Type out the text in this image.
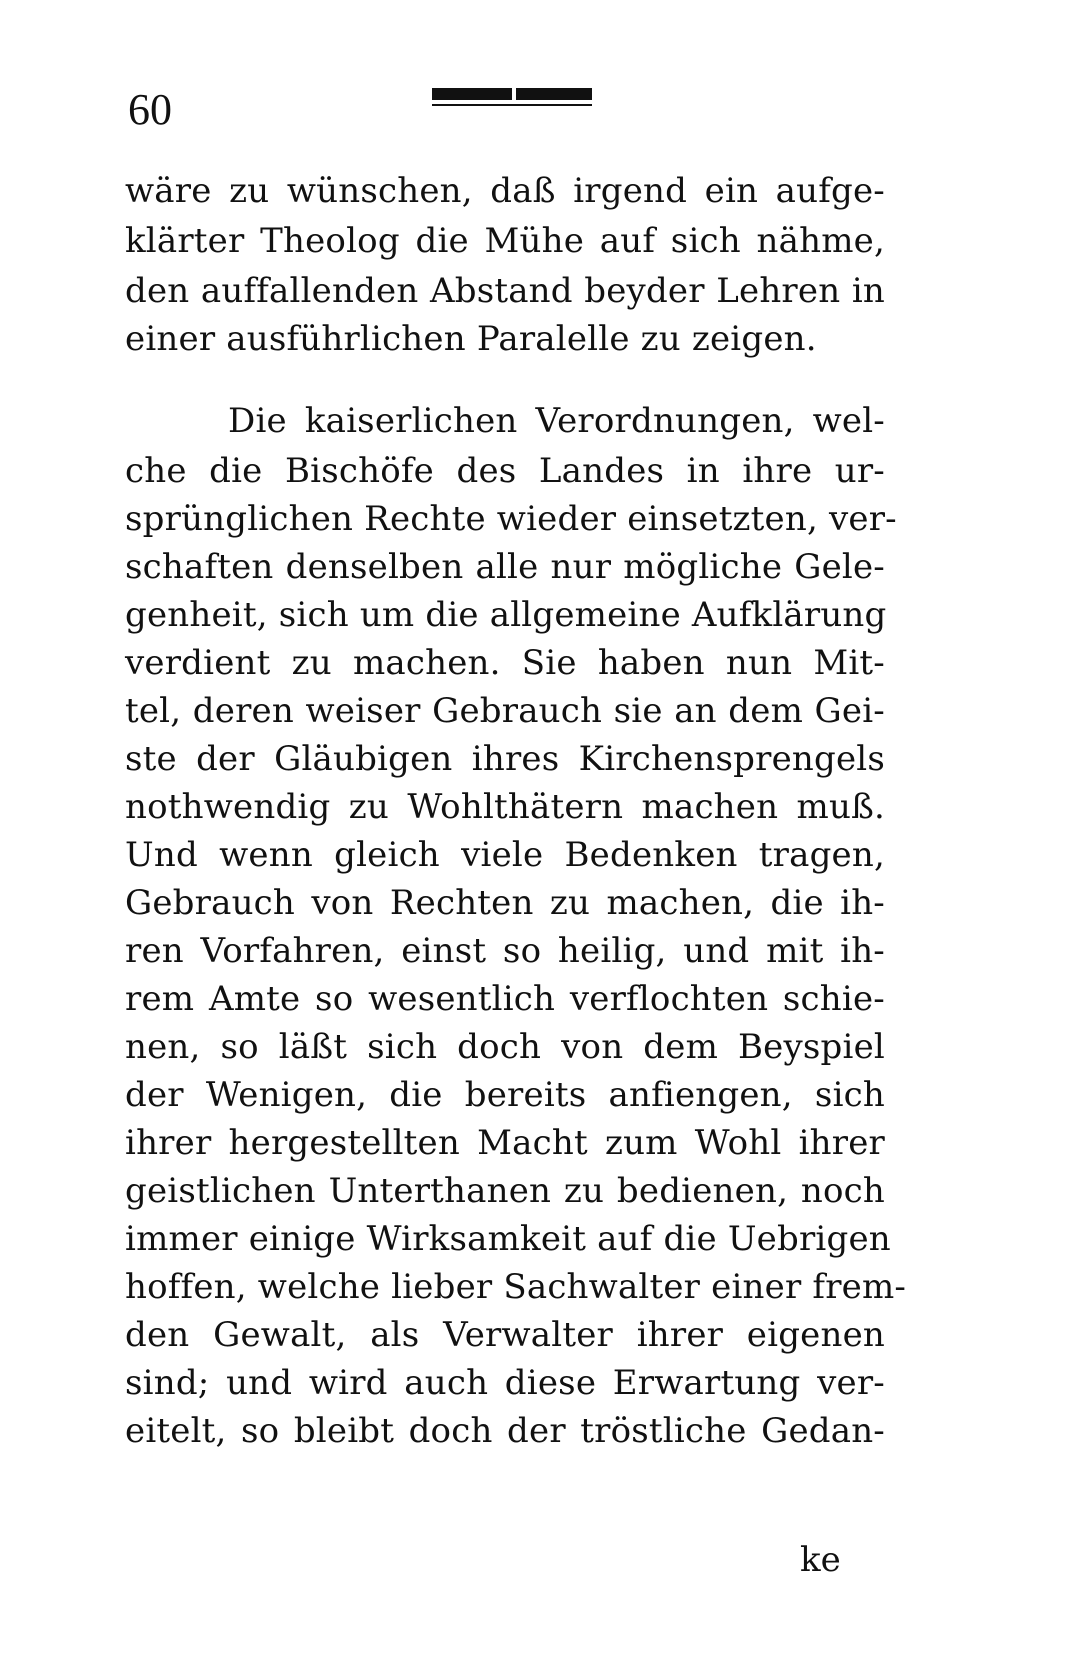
60
wäre zu wünschen, daß irgend ein aufge-
klärter Theolog die Mühe auf sich nähme,
den auffallenden Abstand beyder Lehren in
einer ausführlichen Paralelle zu zeigen.
Die kaiserlichen Verordnungen, wel-
che die Bischöfe des Landes in ihre ur-
sprünglichen Rechte wieder einsetzten, ver-
schaften denselben alle nur mögliche Gele-
genheit, sich um die allgemeine Aufklärung
verdient zu machen. Sie haben nun Mit-
tel, deren weiser Gebrauch sie an dem Gei-
ste der Gläubigen ihres Kirchensprengels
nothwendig zu Wohlthätern machen muß.
Und wenn gleich viele Bedenken tragen,
Gebrauch von Rechten zu machen, die ih-
ren Vorfahren, einst so heilig, und mit ih-
rem Amte so wesentlich verflochten schie-
nen, so läßt sich doch von dem Beyspiel
der Wenigen, die bereits anfiengen, sich
ihrer hergestellten Macht zum Wohl ihrer
geistlichen Unterthanen zu bedienen, noch
immer einige Wirksamkeit auf die Uebrigen
hoffen, welche lieber Sachwalter einer frem-
den Gewalt, als Verwalter ihrer eigenen
sind; und wird auch diese Erwartung ver-
eitelt, so bleibt doch der tröstliche Gedan-
ke
